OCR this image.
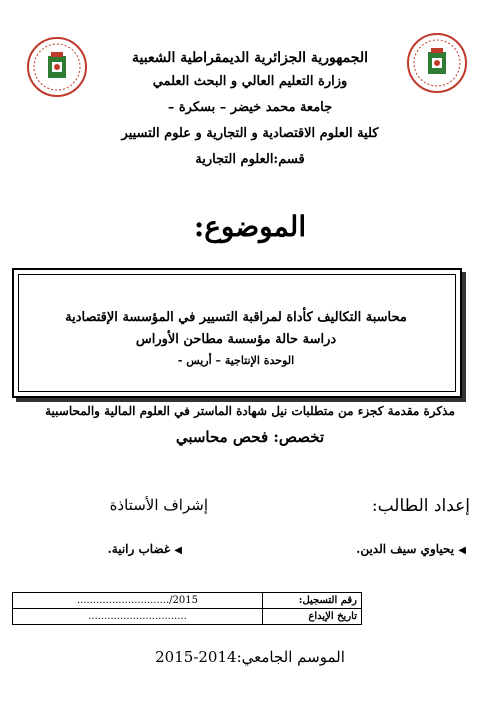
الجمهورية الجزائرية الديمقراطية الشعبية
وزارة التعليم العالي و البحث العلمي
جامعة محمد خيضر – بسكرة –
كلية العلوم الاقتصادية و التجارية و علوم التسيير
قسم:العلوم التجارية
الموضوع:
محاسبة التكاليف كأداة لمراقبة التسيير في المؤسسة الإقتصادية
دراسة حالة مؤسسة مطاحن الأوراس
الوحدة الإنتاجية – أريس -
مذكرة مقدمة كجزء من متطلبات نيل شهادة الماستر في العلوم المالية والمحاسبية
تخصص: فحص محاسبي
إعداد الطالب:
إشراف الأستاذة
◀ يحياوي سيف الدين.
◀ غضاب رانية.
رقم التسجيل:	............................./2015
تاريخ الإيداع	...............................
الموسم الجامعي:2014-2015
